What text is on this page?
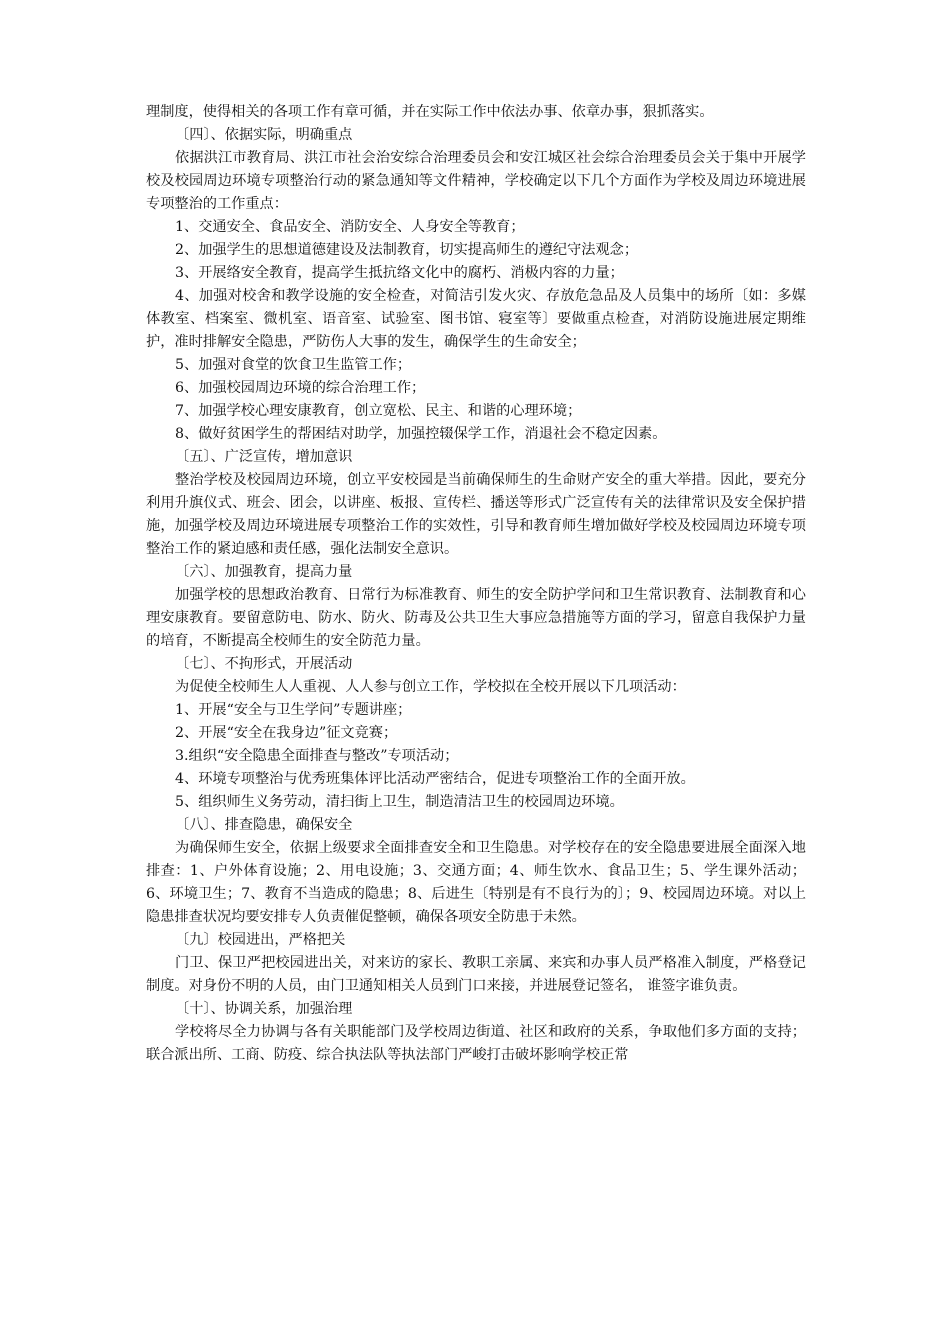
理制度，使得相关的各项工作有章可循，并在实际工作中依法办事、依章办事，狠抓落实。

〔四〕、依据实际，明确重点

依据洪江市教育局、洪江市社会治安综合治理委员会和安江城区社会综合治理委员会关于集中开展学校及校园周边环境专项整治行动的紧急通知等文件精神，学校确定以下几个方面作为学校及周边环境进展专项整治的工作重点：

1、交通安全、食品安全、消防安全、人身安全等教育；

2、加强学生的思想道德建设及法制教育，切实提高师生的遵纪守法观念；

3、开展络安全教育，提高学生抵抗络文化中的腐朽、消极内容的力量；

4、加强对校舍和教学设施的安全检查，对简洁引发火灾、存放危急品及人员集中的场所〔如：多媒体教室、档案室、微机室、语音室、试验室、图书馆、寝室等〕要做重点检查，对消防设施进展定期维护，准时排解安全隐患，严防伤人大事的发生，确保学生的生命安全；

5、加强对食堂的饮食卫生监管工作；

6、加强校园周边环境的综合治理工作；

7、加强学校心理安康教育，创立宽松、民主、和谐的心理环境；

8、做好贫困学生的帮困结对助学，加强控辍保学工作，消退社会不稳定因素。

〔五〕、广泛宣传，增加意识

整治学校及校园周边环境，创立平安校园是当前确保师生的生命财产安全的重大举措。因此，要充分利用升旗仪式、班会、团会，以讲座、板报、宣传栏、播送等形式广泛宣传有关的法律常识及安全保护措施，加强学校及周边环境进展专项整治工作的实效性，引导和教育师生增加做好学校及校园周边环境专项整治工作的紧迫感和责任感，强化法制安全意识。

〔六〕、加强教育，提高力量

加强学校的思想政治教育、日常行为标准教育、师生的安全防护学问和卫生常识教育、法制教育和心理安康教育。要留意防电、防水、防火、防毒及公共卫生大事应急措施等方面的学习，留意自我保护力量的培育，不断提高全校师生的安全防范力量。

〔七〕、不拘形式，开展活动

为促使全校师生人人重视、人人参与创立工作，学校拟在全校开展以下几项活动：

1、开展“安全与卫生学问”专题讲座；

2、开展“安全在我身边”征文竞赛；

3.组织“安全隐患全面排查与整改”专项活动；

4、环境专项整治与优秀班集体评比活动严密结合，促进专项整治工作的全面开放。

5、组织师生义务劳动，清扫街上卫生，制造清洁卫生的校园周边环境。

〔八〕、排查隐患，确保安全

为确保师生安全，依据上级要求全面排查安全和卫生隐患。对学校存在的安全隐患要进展全面深入地排查：1、户外体育设施；2、用电设施；3、交通方面；4、师生饮水、食品卫生；5、学生课外活动；6、环境卫生；7、教育不当造成的隐患；8、后进生〔特别是有不良行为的〕；9、校园周边环境。对以上隐患排查状况均要安排专人负责催促整顿，确保各项安全防患于未然。

〔九〕校园进出，严格把关

门卫、保卫严把校园进出关，对来访的家长、教职工亲属、来宾和办事人员严格准入制度，严格登记制度。对身份不明的人员，由门卫通知相关人员到门口来接，并进展登记签名， 谁签字谁负责。

〔十〕、协调关系，加强治理

学校将尽全力协调与各有关职能部门及学校周边街道、社区和政府的关系，争取他们多方面的支持；联合派出所、工商、防疫、综合执法队等执法部门严峻打击破坏影响学校正常
